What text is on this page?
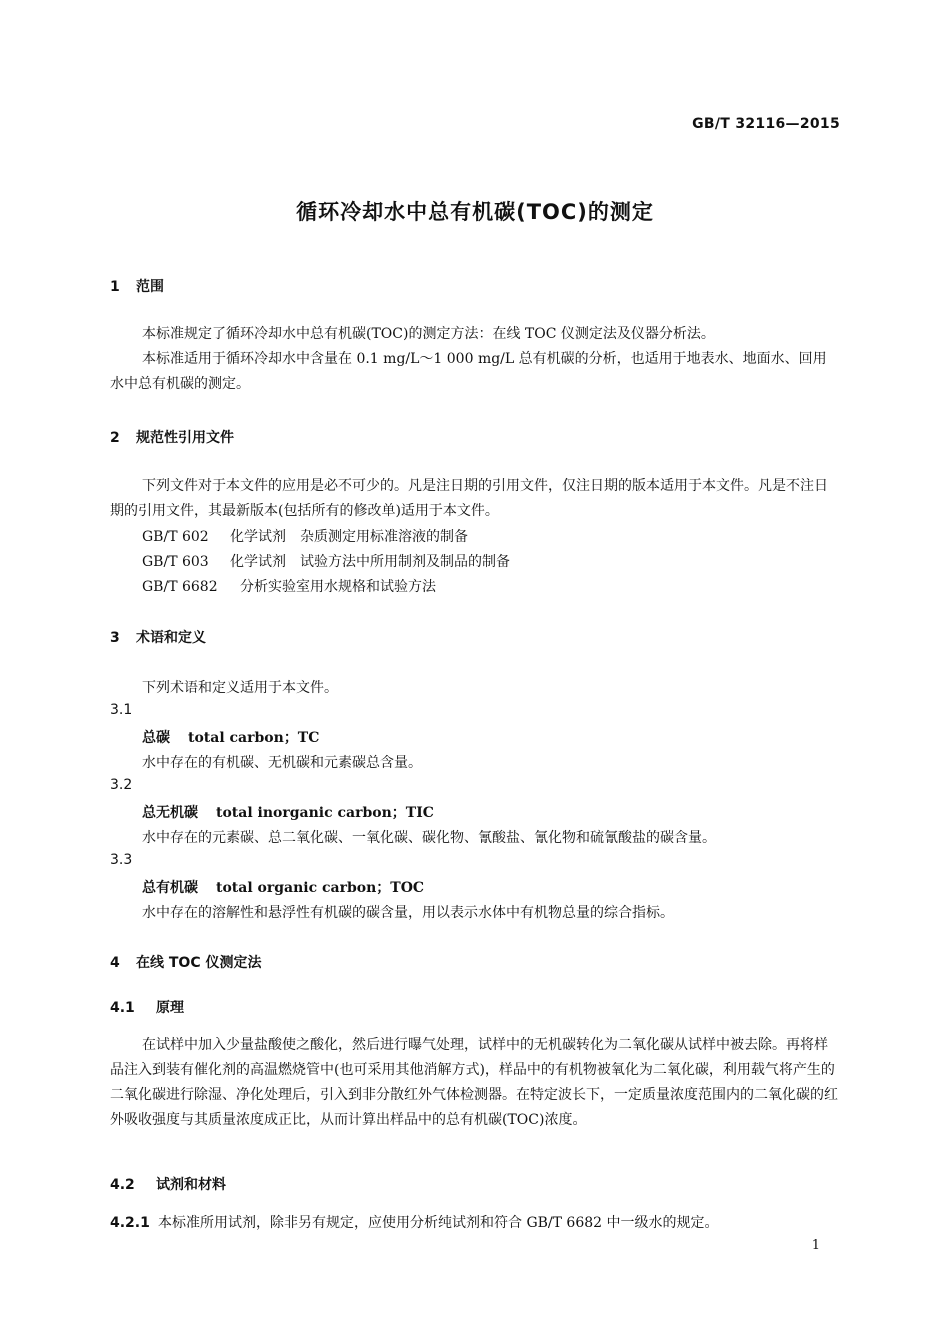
GB/T 32116—2015
循环冷却水中总有机碳(TOC)的测定
1 范围
本标准规定了循环冷却水中总有机碳(TOC)的测定方法：在线 TOC 仪测定法及仪器分析法。
本标准适用于循环冷却水中含量在 0.1 mg/L～1 000 mg/L 总有机碳的分析，也适用于地表水、地面水、回用水中总有机碳的测定。
2 规范性引用文件
下列文件对于本文件的应用是必不可少的。凡是注日期的引用文件，仅注日期的版本适用于本文件。凡是不注日期的引用文件，其最新版本(包括所有的修改单)适用于本文件。
GB/T 602 化学试剂　杂质测定用标准溶液的制备
GB/T 603 化学试剂　试验方法中所用制剂及制品的制备
GB/T 6682 分析实验室用水规格和试验方法
3 术语和定义
下列术语和定义适用于本文件。
3.1
总碳 total carbon；TC
水中存在的有机碳、无机碳和元素碳总含量。
3.2
总无机碳 total inorganic carbon；TIC
水中存在的元素碳、总二氧化碳、一氧化碳、碳化物、氰酸盐、氰化物和硫氰酸盐的碳含量。
3.3
总有机碳 total organic carbon；TOC
水中存在的溶解性和悬浮性有机碳的碳含量，用以表示水体中有机物总量的综合指标。
4 在线 TOC 仪测定法
4.1 原理
在试样中加入少量盐酸使之酸化，然后进行曝气处理，试样中的无机碳转化为二氧化碳从试样中被去除。再将样品注入到装有催化剂的高温燃烧管中(也可采用其他消解方式)，样品中的有机物被氧化为二氧化碳，利用载气将产生的二氧化碳进行除湿、净化处理后，引入到非分散红外气体检测器。在特定波长下，一定质量浓度范围内的二氧化碳的红外吸收强度与其质量浓度成正比，从而计算出样品中的总有机碳(TOC)浓度。
4.2 试剂和材料
4.2.1 本标准所用试剂，除非另有规定，应使用分析纯试剂和符合 GB/T 6682 中一级水的规定。
1
